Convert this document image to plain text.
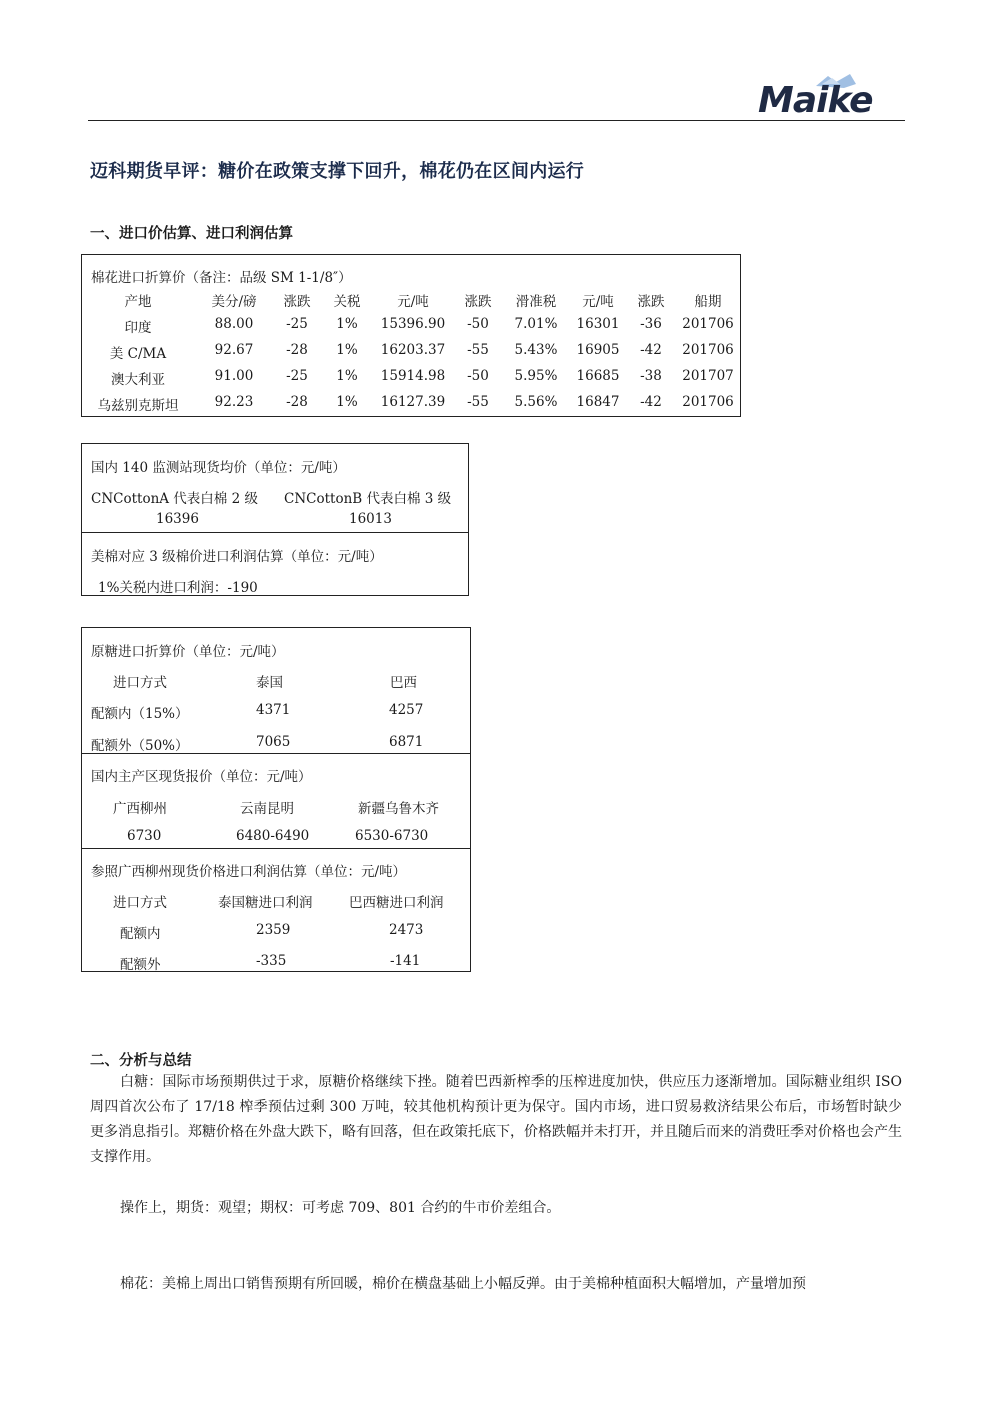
Maike
迈科期货早评：糖价在政策支撑下回升，棉花仍在区间内运行
一、进口价估算、进口利润估算
棉花进口折算价（备注：品级 SM 1-1/8″）
产地	美分/磅 涨跌 关税	元/吨	涨跌 滑准税 元/吨 涨跌 船期
印度	88.00 -25 1% 15396.90 -50 7.01% 16301 -36 201706
美 C/MA	92.67 -28 1% 16203.37 -55 5.43% 16905 -42 201706
澳大利亚	91.00 -25 1% 15914.98 -50 5.95% 16685 -38 201707
乌兹别克斯坦	92.23 -28 1% 16127.39 -55 5.56% 16847 -42 201706
国内 140 监测站现货均价（单位：元/吨）
CNCottonA 代表白棉 2 级 CNCottonB 代表白棉 3 级
16396	16013
美棉对应 3 级棉价进口利润估算（单位：元/吨）
1%关税内进口利润：-190
原糖进口折算价（单位：元/吨）
进口方式	泰国	巴西
配额内（15%）	4371	4257
配额外（50%）	7065	6871
国内主产区现货报价（单位：元/吨）
广西柳州	云南昆明	新疆乌鲁木齐
6730	6480-6490	6530-6730
参照广西柳州现货价格进口利润估算（单位：元/吨）
进口方式	泰国糖进口利润	巴西糖进口利润
配额内	2359	2473
配额外	-335	-141
二、分析与总结

白糖：国际市场预期供过于求，原糖价格继续下挫。随着巴西新榨季的压榨进度加快，供应压力逐渐增加。国际糖业组织 ISO 周四首次公布了 17/18 榨季预估过剩 300 万吨，较其他机构预计更为保守。国内市场，进口贸易救济结果公布后，市场暂时缺少更多消息指引。郑糖价格在外盘大跌下，略有回落，但在政策托底下，价格跌幅并未打开，并且随后而来的消费旺季对价格也会产生支撑作用。

操作上，期货：观望；期权：可考虑 709、801 合约的牛市价差组合。

棉花：美棉上周出口销售预期有所回暖，棉价在横盘基础上小幅反弹。由于美棉种植面积大幅增加，产量增加预
